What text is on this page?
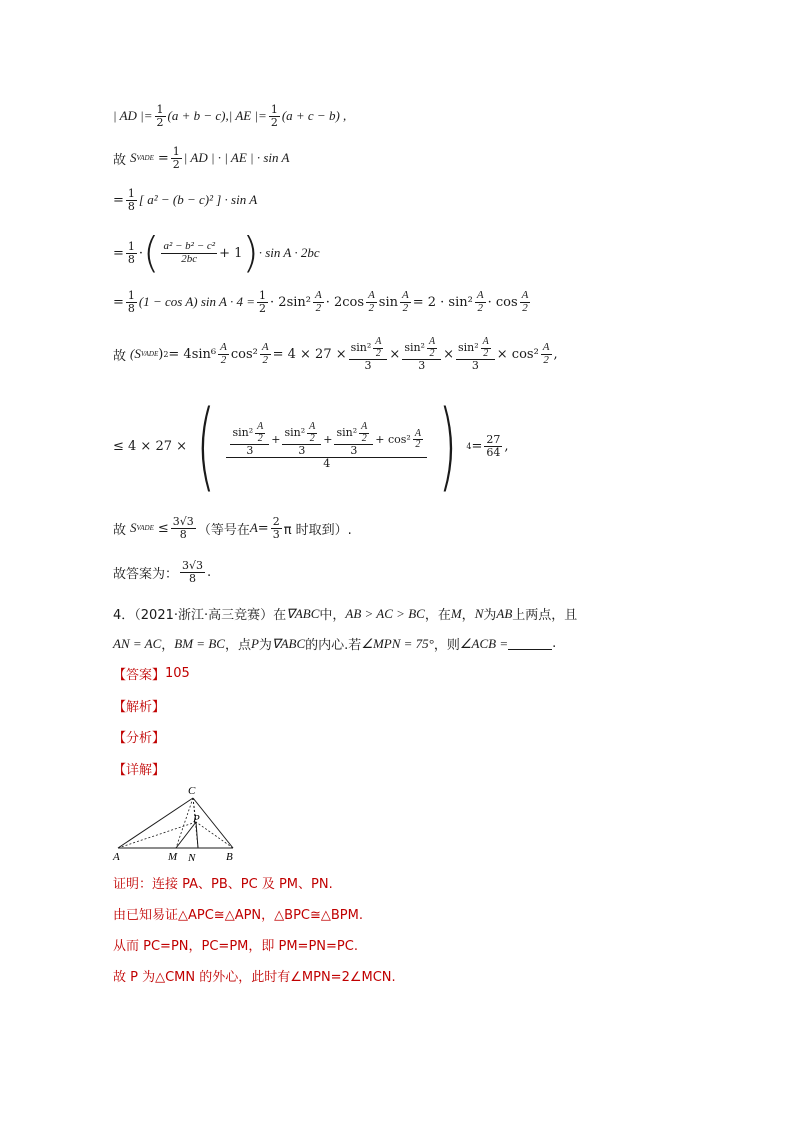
| AD |= $\frac{1}{2} (a + b - c),|$ AE |= $\frac{1}{2} (a + c - b)$ ,
故 S VADE = $\frac{1}{2}$ | AD | · | AE | · sin A
= $\frac{1}{8}$ [ a² − (b − c)² ] · sin A
= $\frac{1}{8}$ · ( $\frac{\text{a² − b² − c²}}{2bc} + 1$ ) · sin A · 2bc
= $\frac{1}{8} (1 - \cos A)$ $\sin A \cdot 4 = \frac{1}{2} \cdot 2\sin^2 \frac{A}{2} \cdot 2\cos \frac{A}{2}$ $\sin \frac{A}{2} = 2 \cdot \sin^2 \frac{A}{2} \cdot \cos \frac{A}{2}$
故 (S VADE ) $2 = 4\sin^6 \frac{A}{2} \cos^2 \frac{A}{2} = 4 \times 27 \times \frac{\sin^2 \frac{A}{2}}{3} \times \frac{\sin^2 \frac{A}{2}}{3} \times \frac{\sin^2 \frac{A}{2}}{3} \times \cos^2 \frac{A}{2}$ ,
≤ 4 × 27 × ( $\frac{\sin^2 \frac{A}{2}}{3} + \frac{\sin^2 \frac{A}{2}}{3} + \frac{\sin^2 \frac{A}{2}}{3} + \cos^2 \frac{A}{2}$
4 ) $4 = \frac{27}{64}$ ,
故 S VADE ≤ $\frac{3√3}{8}$ （等号在 $A = \frac{2}{3}$ π 时取到）.
故答案为： $\frac{3√3}{8}$ .
4．（2021·浙江·高三竞赛）在 ∇ABC 中， AB > AC > BC ，在 M ， N 为 AB 上两点，且
AN = AC ， BM = BC ，点 P 为 ∇ABC 的内心.若 ∠MPN = 75° ，则 ∠ACB =	.
【答案】 105
【解析】
【分析】
【详解】
C
P
A	M N	B
证明：连接 PA、PB、PC 及 PM、PN.
由已知易证△APC≅△APN，△BPC≅△BPM.
从而 PC=PN，PC=PM，即 PM=PN=PC.
故 P 为△CMN 的外心，此时有∠MPN=2∠MCN.
